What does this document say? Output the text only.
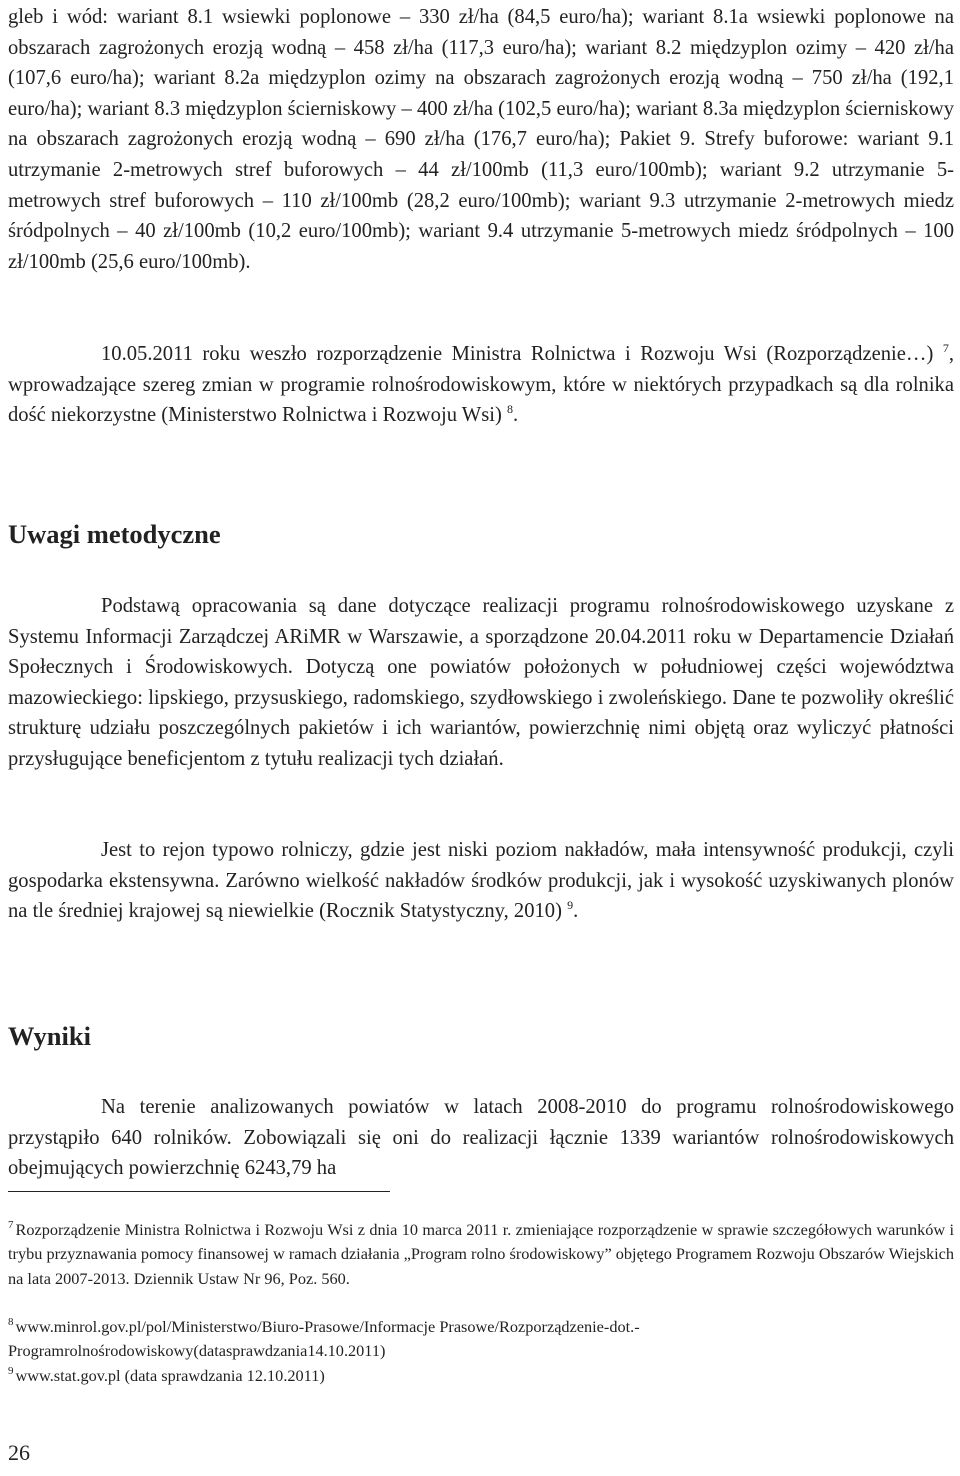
gleb i wód: wariant 8.1 wsiewki poplonowe – 330 zł/ha (84,5 euro/ha); wariant 8.1a wsiewki poplonowe na obszarach zagrożonych erozją wodną – 458 zł/ha (117,3 euro/ha); wariant 8.2 międzyplon ozimy – 420 zł/ha (107,6 euro/ha); wariant 8.2a międzyplon ozimy na obszarach zagrożonych erozją wodną – 750 zł/ha (192,1 euro/ha); wariant 8.3 międzyplon ścierniskowy – 400 zł/ha (102,5 euro/ha); wariant 8.3a międzyplon ścierniskowy na obszarach zagrożonych erozją wodną – 690 zł/ha (176,7 euro/ha); Pakiet 9. Strefy buforowe: wariant 9.1 utrzymanie 2-metrowych stref buforowych – 44 zł/100mb (11,3 euro/100mb); wariant 9.2 utrzymanie 5-metrowych stref buforowych – 110 zł/100mb (28,2 euro/100mb); wariant 9.3 utrzymanie 2-metrowych miedz śródpolnych – 40 zł/100mb (10,2 euro/100mb); wariant 9.4 utrzymanie 5-metrowych miedz śródpolnych – 100 zł/100mb (25,6 euro/100mb).

10.05.2011 roku weszło rozporządzenie Ministra Rolnictwa i Rozwoju Wsi (Rozporządzenie…) $^7$, wprowadzające szereg zmian w programie rolnośrodowiskowym, które w niektórych przypadkach są dla rolnika dość niekorzystne (Ministerstwo Rolnictwa i Rozwoju Wsi) $^8$.

Uwagi metodyczne

Podstawą opracowania są dane dotyczące realizacji programu rolnośrodowiskowego uzyskane z Systemu Informacji Zarządczej ARiMR w Warszawie, a sporządzone 20.04.2011 roku w Departamencie Działań Społecznych i Środowiskowych. Dotyczą one powiatów położonych w południowej części województwa mazowieckiego: lipskiego, przysuskiego, radomskiego, szydłowskiego i zwoleńskiego. Dane te pozwoliły określić strukturę udziału poszczególnych pakietów i ich wariantów, powierzchnię nimi objętą oraz wyliczyć płatności przysługujące beneficjentom z tytułu realizacji tych działań.

Jest to rejon typowo rolniczy, gdzie jest niski poziom nakładów, mała intensywność produkcji, czyli gospodarka ekstensywna. Zarówno wielkość nakładów środków produkcji, jak i wysokość uzyskiwanych plonów na tle średniej krajowej są niewielkie (Rocznik Statystyczny, 2010) $^9$.

Wyniki

Na terenie analizowanych powiatów w latach 2008-2010 do programu rolnośrodowiskowego przystąpiło 640 rolników. Zobowiązali się oni do realizacji łącznie 1339 wariantów rolnośrodowiskowych obejmujących powierzchnię 6243,79 ha

$^7$ Rozporządzenie Ministra Rolnictwa i Rozwoju Wsi z dnia 10 marca 2011 r. zmieniające rozporządzenie w sprawie szczegółowych warunków i trybu przyznawania pomocy finansowej w ramach działania „Program rolno środowiskowy” objętego Programem Rozwoju Obszarów Wiejskich na lata 2007-2013. Dziennik Ustaw Nr 96, Poz. 560.

$^8$ www.minrol.gov.pl/pol/Ministerstwo/Biuro-Prasowe/Informacje Prasowe/Rozporządzenie-dot.-
Programrolnośrodowiskowy(datasprawdzania14.10.2011)

$^9$ www.stat.gov.pl (data sprawdzania 12.10.2011)

26
